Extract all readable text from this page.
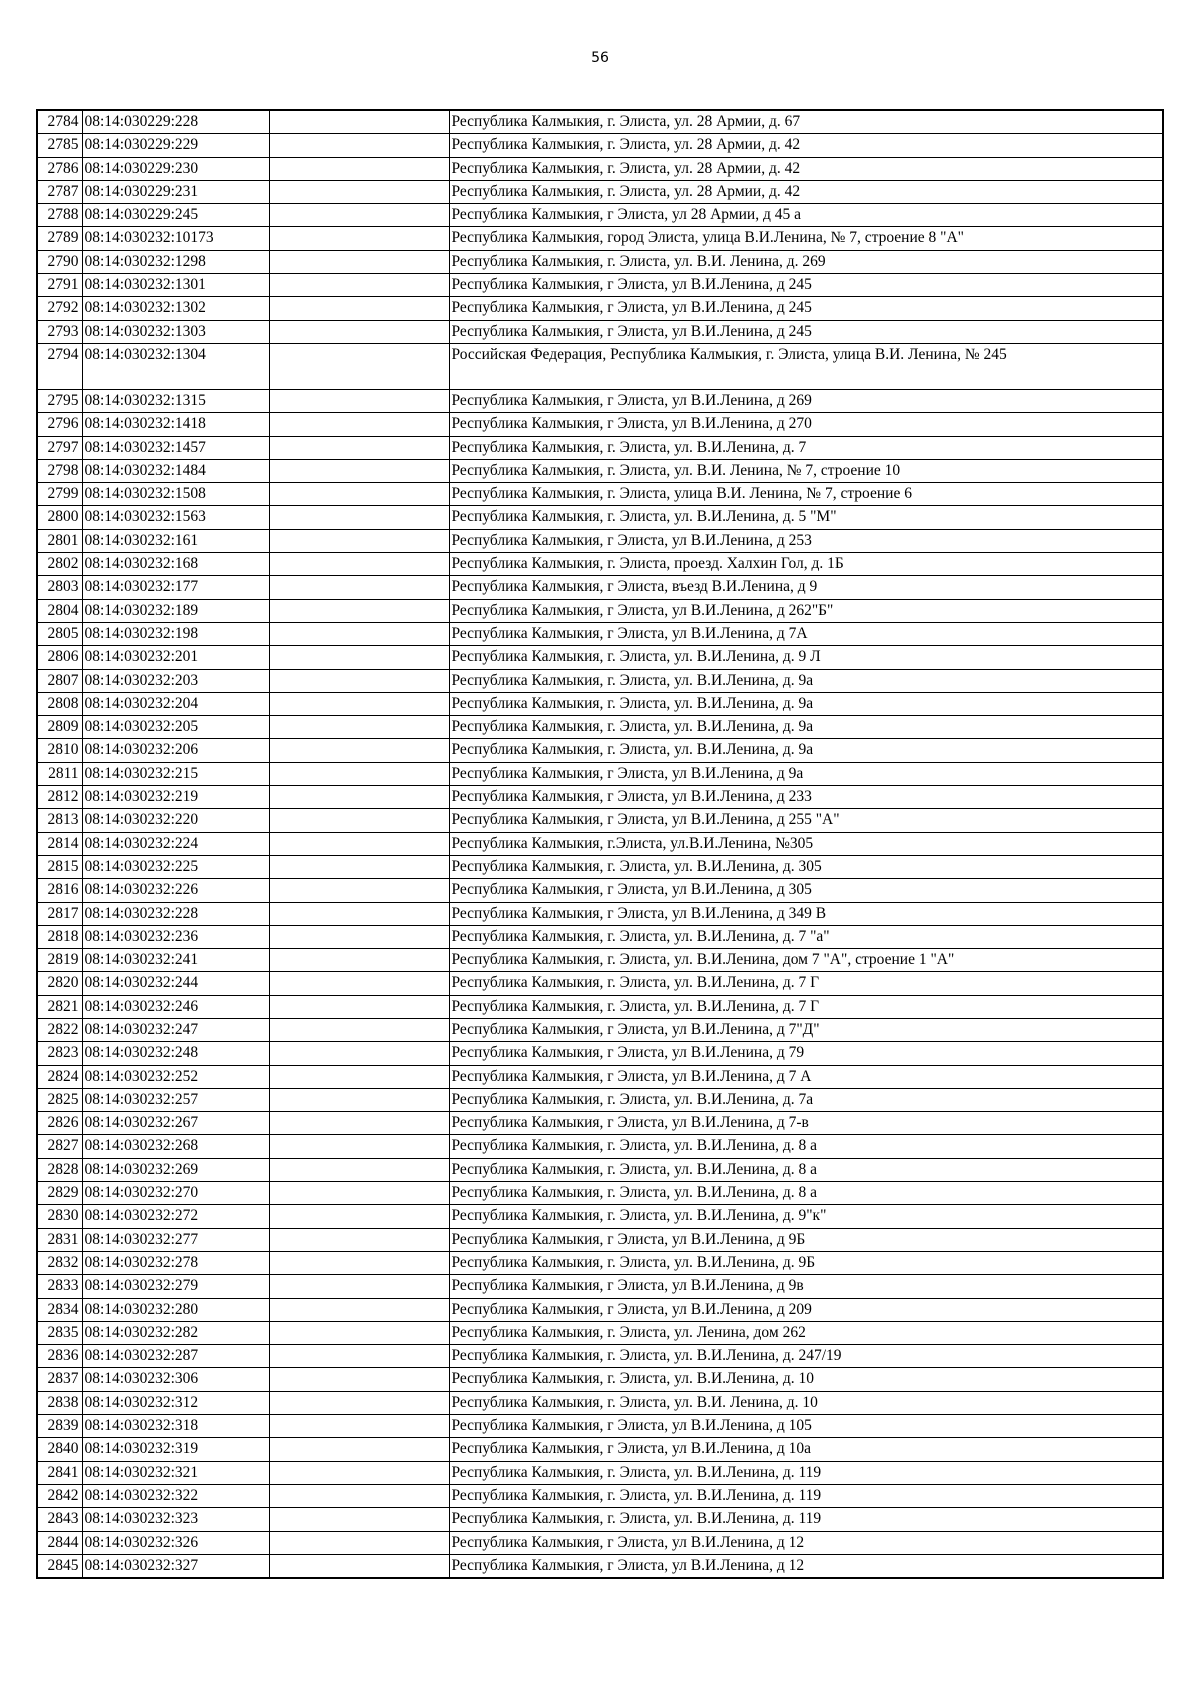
56
2784	08:14:030229:228		Республика Калмыкия, г. Элиста, ул. 28 Армии, д. 67
2785	08:14:030229:229		Республика Калмыкия, г. Элиста, ул. 28 Армии, д. 42
2786	08:14:030229:230		Республика Калмыкия, г. Элиста, ул. 28 Армии, д. 42
2787	08:14:030229:231		Республика Калмыкия, г. Элиста, ул. 28 Армии, д. 42
2788	08:14:030229:245		Республика Калмыкия, г Элиста, ул 28 Армии, д 45 а
2789	08:14:030232:10173		Республика Калмыкия, город Элиста, улица В.И.Ленина, № 7, строение 8 "А"
2790	08:14:030232:1298		Республика Калмыкия, г. Элиста, ул. В.И. Ленина, д. 269
2791	08:14:030232:1301		Республика Калмыкия, г Элиста, ул В.И.Ленина, д 245
2792	08:14:030232:1302		Республика Калмыкия, г Элиста, ул В.И.Ленина, д 245
2793	08:14:030232:1303		Республика Калмыкия, г Элиста, ул В.И.Ленина, д 245
2794	08:14:030232:1304		Российская Федерация, Республика Калмыкия, г. Элиста, улица В.И. Ленина, № 245
2795	08:14:030232:1315		Республика Калмыкия, г Элиста, ул В.И.Ленина, д 269
2796	08:14:030232:1418		Республика Калмыкия, г Элиста, ул В.И.Ленина, д 270
2797	08:14:030232:1457		Республика Калмыкия, г. Элиста, ул. В.И.Ленина, д. 7
2798	08:14:030232:1484		Республика Калмыкия, г. Элиста, ул. В.И. Ленина, № 7, строение 10
2799	08:14:030232:1508		Республика Калмыкия, г. Элиста, улица В.И. Ленина, № 7, строение 6
2800	08:14:030232:1563		Республика Калмыкия, г. Элиста, ул. В.И.Ленина, д. 5 "М"
2801	08:14:030232:161		Республика Калмыкия, г Элиста, ул В.И.Ленина, д 253
2802	08:14:030232:168		Республика Калмыкия, г. Элиста, проезд. Халхин Гол, д. 1Б
2803	08:14:030232:177		Республика Калмыкия, г Элиста, въезд В.И.Ленина, д 9
2804	08:14:030232:189		Республика Калмыкия, г Элиста, ул В.И.Ленина, д 262"Б"
2805	08:14:030232:198		Республика Калмыкия, г Элиста, ул В.И.Ленина, д 7А
2806	08:14:030232:201		Республика Калмыкия, г. Элиста, ул. В.И.Ленина, д. 9 Л
2807	08:14:030232:203		Республика Калмыкия, г. Элиста, ул. В.И.Ленина, д. 9а
2808	08:14:030232:204		Республика Калмыкия, г. Элиста, ул. В.И.Ленина, д. 9а
2809	08:14:030232:205		Республика Калмыкия, г. Элиста, ул. В.И.Ленина, д. 9а
2810	08:14:030232:206		Республика Калмыкия, г. Элиста, ул. В.И.Ленина, д. 9а
2811	08:14:030232:215		Республика Калмыкия, г Элиста, ул В.И.Ленина, д 9а
2812	08:14:030232:219		Республика Калмыкия, г Элиста, ул В.И.Ленина, д 233
2813	08:14:030232:220		Республика Калмыкия, г Элиста, ул В.И.Ленина, д 255 "А"
2814	08:14:030232:224		Республика Калмыкия, г.Элиста, ул.В.И.Ленина, №305
2815	08:14:030232:225		Республика Калмыкия, г. Элиста, ул. В.И.Ленина, д. 305
2816	08:14:030232:226		Республика Калмыкия, г Элиста, ул В.И.Ленина, д 305
2817	08:14:030232:228		Республика Калмыкия, г Элиста, ул В.И.Ленина, д 349 В
2818	08:14:030232:236		Республика Калмыкия, г. Элиста, ул. В.И.Ленина, д. 7 "а"
2819	08:14:030232:241		Республика Калмыкия, г. Элиста, ул. В.И.Ленина, дом 7 "А", строение 1 "А"
2820	08:14:030232:244		Республика Калмыкия, г. Элиста, ул. В.И.Ленина, д. 7 Г
2821	08:14:030232:246		Республика Калмыкия, г. Элиста, ул. В.И.Ленина, д. 7 Г
2822	08:14:030232:247		Республика Калмыкия, г Элиста, ул В.И.Ленина, д 7"Д"
2823	08:14:030232:248		Республика Калмыкия, г Элиста, ул В.И.Ленина, д 79
2824	08:14:030232:252		Республика Калмыкия, г Элиста, ул В.И.Ленина, д 7 А
2825	08:14:030232:257		Республика Калмыкия, г. Элиста, ул. В.И.Ленина, д. 7а
2826	08:14:030232:267		Республика Калмыкия, г Элиста, ул В.И.Ленина, д 7-в
2827	08:14:030232:268		Республика Калмыкия, г. Элиста, ул. В.И.Ленина, д. 8 а
2828	08:14:030232:269		Республика Калмыкия, г. Элиста, ул. В.И.Ленина, д. 8 а
2829	08:14:030232:270		Республика Калмыкия, г. Элиста, ул. В.И.Ленина, д. 8 а
2830	08:14:030232:272		Республика Калмыкия, г. Элиста, ул. В.И.Ленина, д. 9"к"
2831	08:14:030232:277		Республика Калмыкия, г Элиста, ул В.И.Ленина, д 9Б
2832	08:14:030232:278		Республика Калмыкия, г. Элиста, ул. В.И.Ленина, д. 9Б
2833	08:14:030232:279		Республика Калмыкия, г Элиста, ул В.И.Ленина, д 9в
2834	08:14:030232:280		Республика Калмыкия, г Элиста, ул В.И.Ленина, д 209
2835	08:14:030232:282		Республика Калмыкия, г. Элиста, ул. Ленина, дом 262
2836	08:14:030232:287		Республика Калмыкия, г. Элиста, ул. В.И.Ленина, д. 247/19
2837	08:14:030232:306		Республика Калмыкия, г. Элиста, ул. В.И.Ленина, д. 10
2838	08:14:030232:312		Республика Калмыкия, г. Элиста, ул. В.И. Ленина, д. 10
2839	08:14:030232:318		Республика Калмыкия, г Элиста, ул В.И.Ленина, д 105
2840	08:14:030232:319		Республика Калмыкия, г Элиста, ул В.И.Ленина, д 10а
2841	08:14:030232:321		Республика Калмыкия, г. Элиста, ул. В.И.Ленина, д. 119
2842	08:14:030232:322		Республика Калмыкия, г. Элиста, ул. В.И.Ленина, д. 119
2843	08:14:030232:323		Республика Калмыкия, г. Элиста, ул. В.И.Ленина, д. 119
2844	08:14:030232:326		Республика Калмыкия, г Элиста, ул В.И.Ленина, д 12
2845	08:14:030232:327		Республика Калмыкия, г Элиста, ул В.И.Ленина, д 12
